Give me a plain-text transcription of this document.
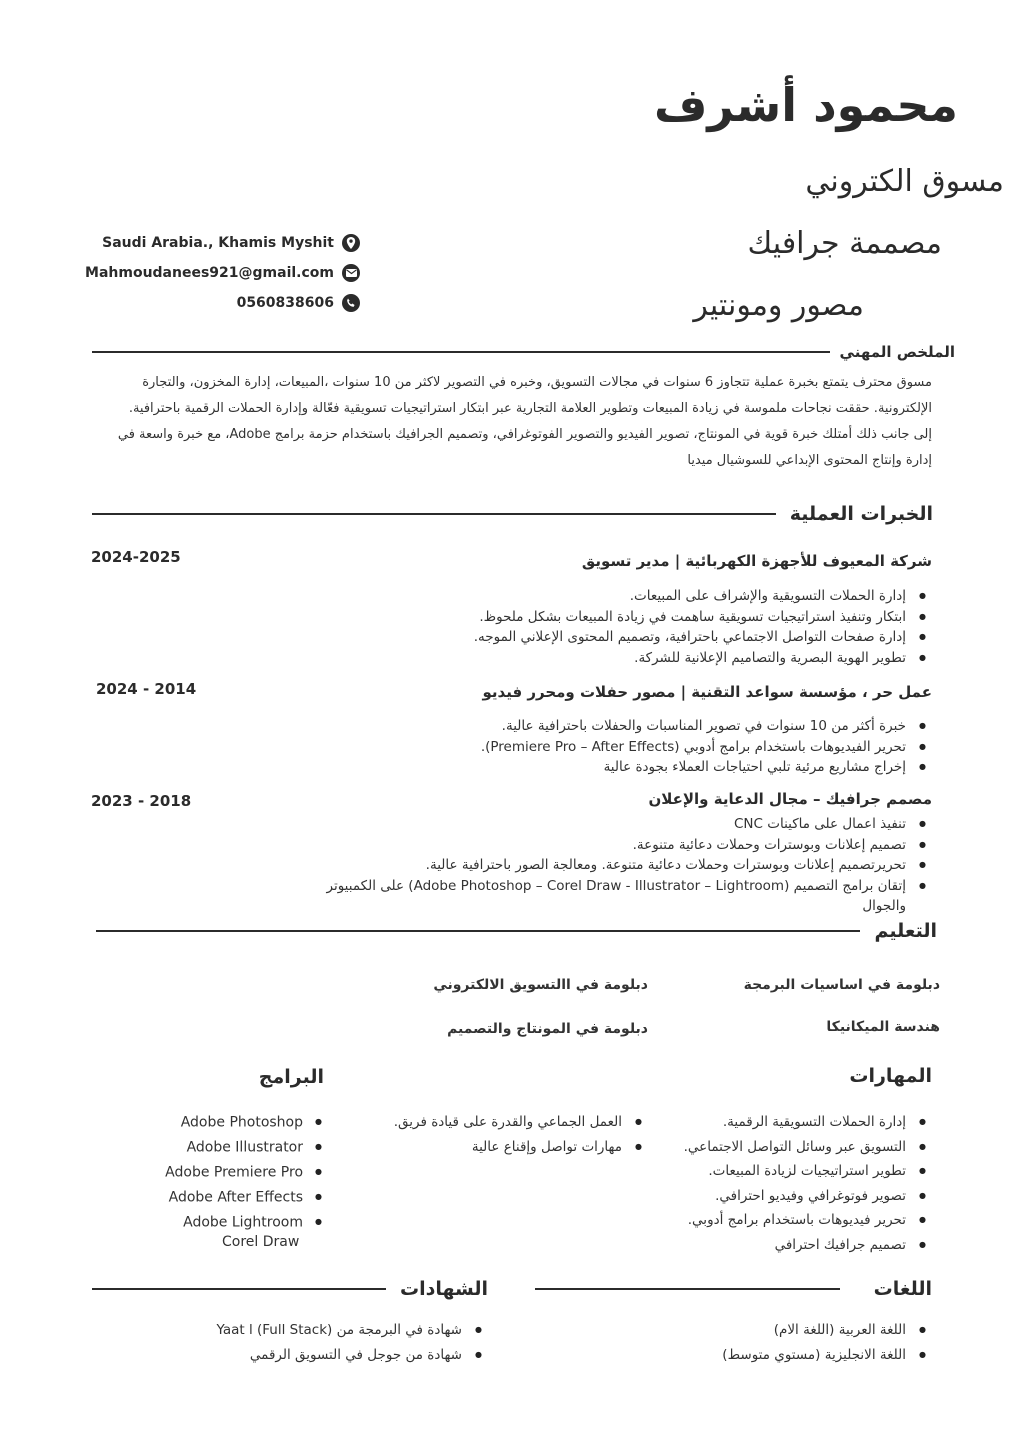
محمود أشرف
مسوق الكتروني
مصممة جرافيك
مصور ومونتير
Saudi Arabia., Khamis Myshit
Mahmoudanees921@gmail.com
0560838606
الملخص المهني
مسوق محترف يتمتع بخبرة عملية تتجاوز 6 سنوات في مجالات التسويق، وخبره في التصوير لاكثر من 10 سنوات ،المبيعات، إدارة المخزون، والتجارة الإلكترونية. حققت نجاحات ملموسة في زيادة المبيعات وتطوير العلامة التجارية عبر ابتكار استراتيجيات تسويقية فعّالة وإدارة الحملات الرقمية باحترافية.
إلى جانب ذلك أمتلك خبرة قوية في المونتاج، تصوير الفيديو والتصوير الفوتوغرافي، وتصميم الجرافيك باستخدام حزمة برامج Adobe، مع خبرة واسعة في إدارة وإنتاج المحتوى الإبداعي للسوشيال ميديا
الخبرات العملية
شركة المعيوف للأجهزة الكهربائية | مدير تسويق
2024-2025
● إدارة الحملات التسويقية والإشراف على المبيعات.
● ابتكار وتنفيذ استراتيجيات تسويقية ساهمت في زيادة المبيعات بشكل ملحوظ.
● إدارة صفحات التواصل الاجتماعي باحترافية، وتصميم المحتوى الإعلاني الموجه.
● تطوير الهوية البصرية والتصاميم الإعلانية للشركة.
عمل حر ، مؤسسة سواعد التقنية | مصور حفلات ومحرر فيديو
2024 - 2014
● خبرة أكثر من 10 سنوات في تصوير المناسبات والحفلات باحترافية عالية.
● تحرير الفيديوهات باستخدام برامج أدوبي (Premiere Pro – After Effects).
● إخراج مشاريع مرئية تلبي احتياجات العملاء بجودة عالية
مصمم جرافيك – مجال الدعاية والإعلان
2023 - 2018
● تنفيذ اعمال على ماكينات CNC
● تصميم إعلانات وبوسترات وحملات دعائية متنوعة.
● تحريرتصميم إعلانات وبوسترات وحملات دعائية متنوعة. ومعالجة الصور باحترافية عالية.
● إتقان برامج التصميم (Adobe Photoshop – Corel Draw - Illustrator – Lightroom) على الكمبيوتر والجوال
التعليم
دبلومة في اساسيات البرمجة
دبلومة في االتسويق الالكتروني
هندسة الميكانيكا
دبلومة في المونتاج والتصميم
المهارات
● إدارة الحملات التسويقية الرقمية.
● التسويق عبر وسائل التواصل الاجتماعي.
● تطوير استراتيجيات لزيادة المبيعات.
● تصوير فوتوغرافي وفيديو احترافي.
● تحرير فيديوهات باستخدام برامج أدوبي.
● تصميم جرافيك احترافي
● العمل الجماعي والقدرة على قيادة فريق.
● مهارات تواصل وإقناع عالية
البرامج
Adobe Photoshop ●
Adobe Illustrator ●
Adobe Premiere Pro ●
Adobe After Effects ●
Adobe Lightroom ●
Corel Draw
اللغات
● اللغة العربية (اللغة الام)
● اللغة الانجليزية (مستوي متوسط)
الشهادات
● شهادة في البرمجة من Yaat l (Full Stack)
● شهادة من جوجل في التسويق الرقمي
